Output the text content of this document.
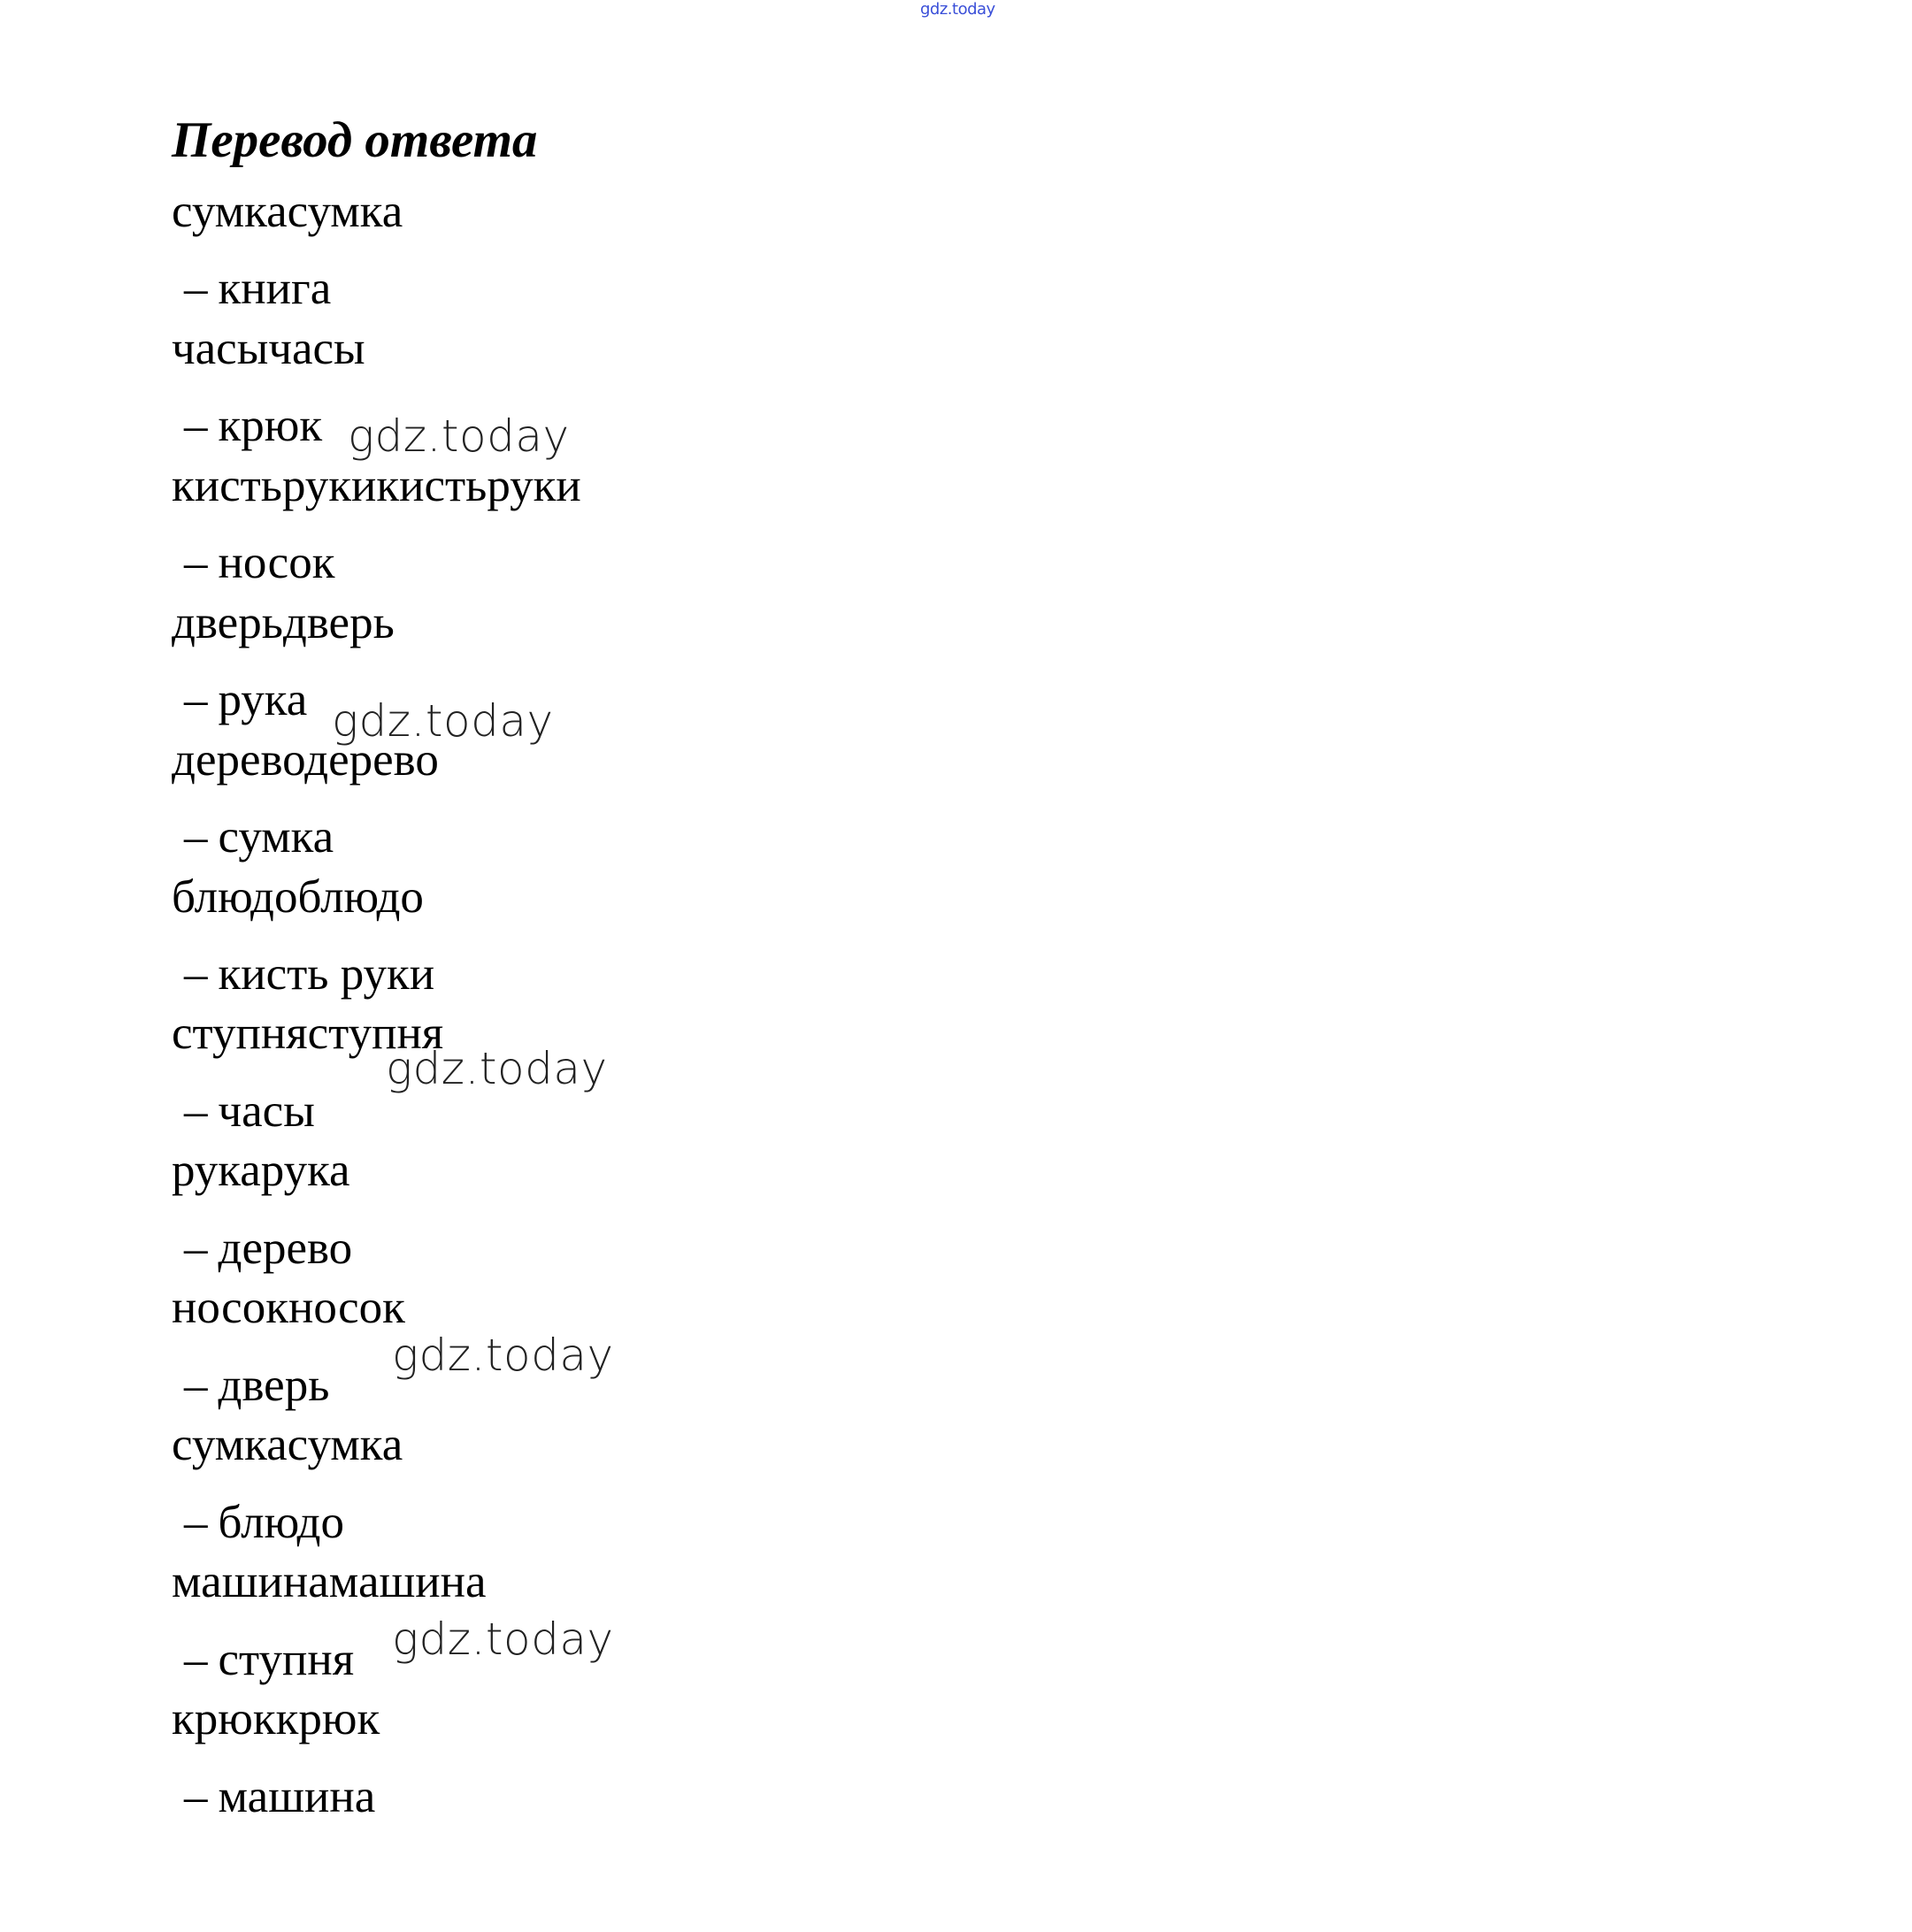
gdz.today
Перевод ответа
сумкасумка
– книга
часычасы
– крюк
кистьрукикистьруки
– носок
дверьдверь
– рука
дереводерево
– сумка
блюдоблюдо
– кисть руки
ступняступня
– часы
рукарука
– дерево
носокносок
– дверь
сумкасумка
– блюдо
машинамашина
– ступня
крюккрюк
– машина
gdz.today
gdz.today
gdz.today
gdz.today
gdz.today
